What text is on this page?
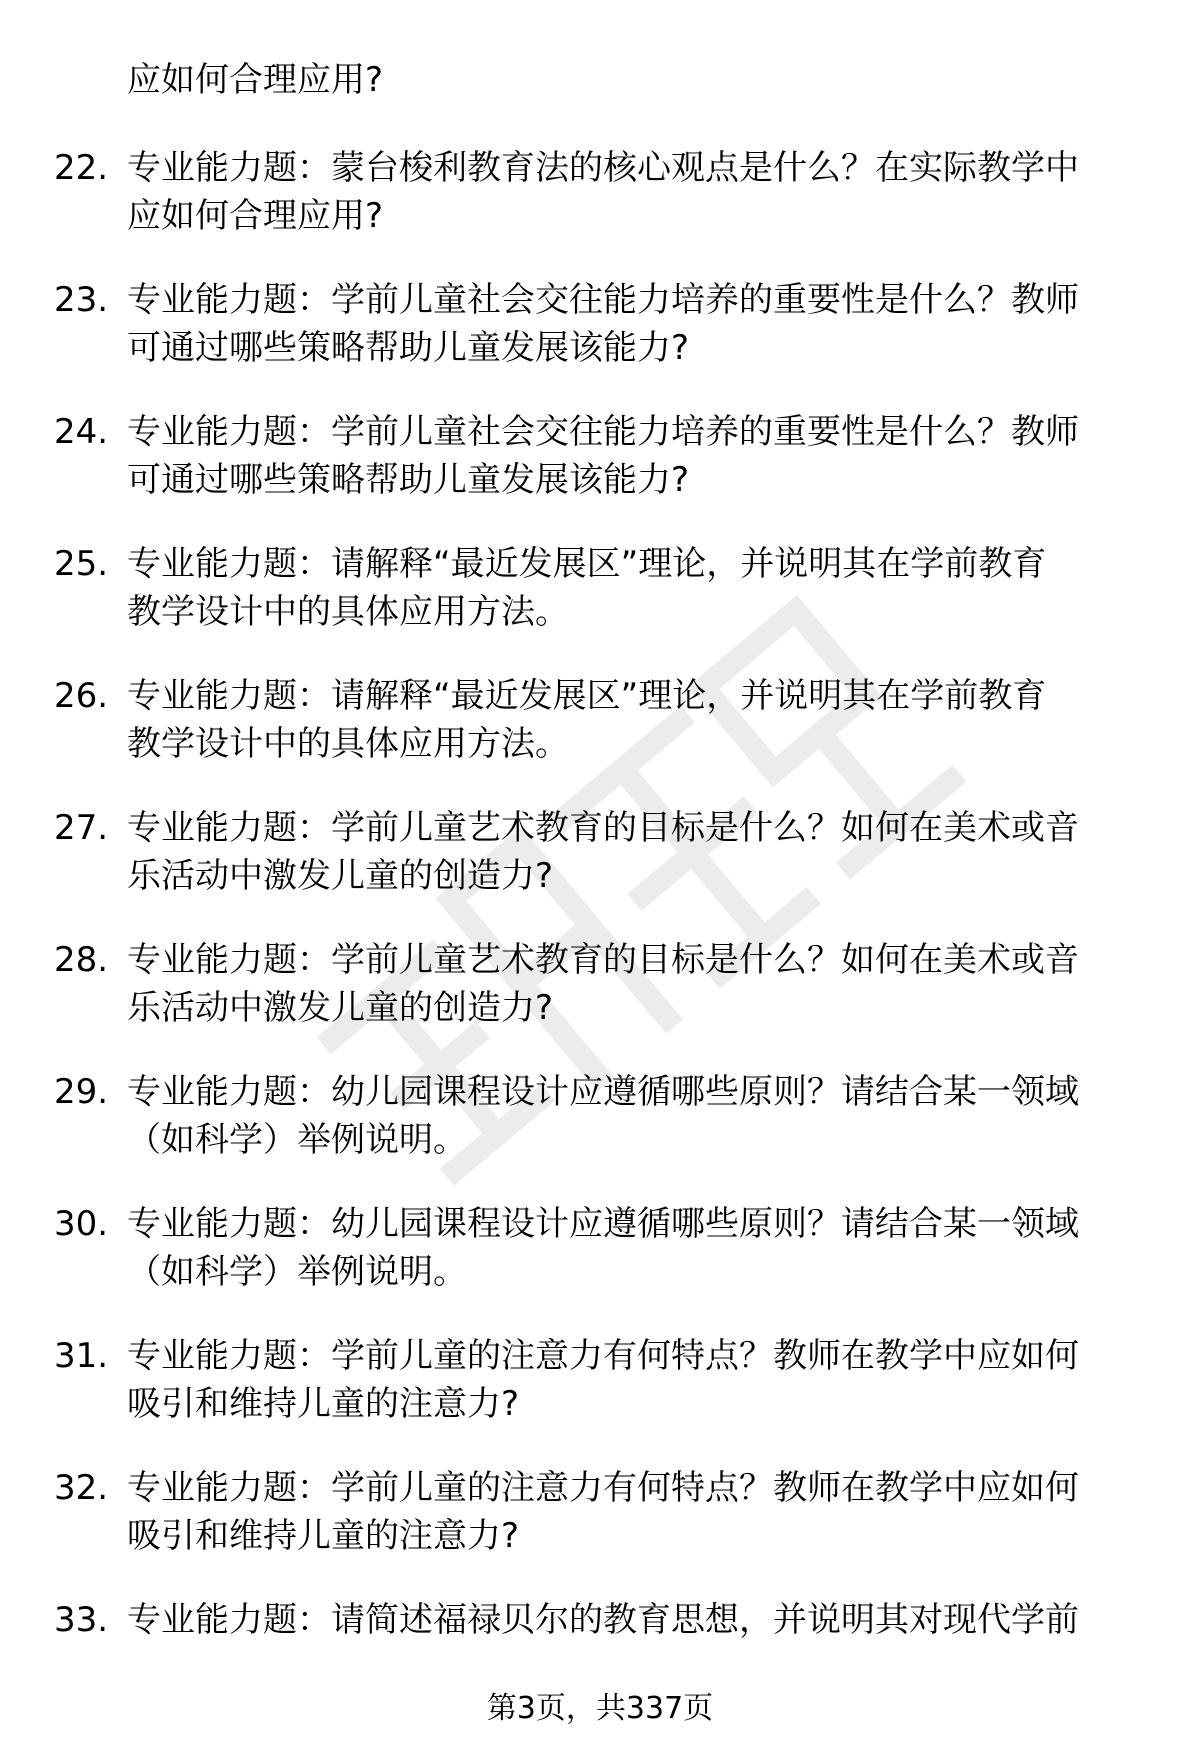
应如何合理应用?
22. 专业能力题：蒙台梭利教育法的核心观点是什么？在实际教学中
应如何合理应用?
23. 专业能力题：学前儿童社会交往能力培养的重要性是什么？教师
可通过哪些策略帮助儿童发展该能力?
24. 专业能力题：学前儿童社会交往能力培养的重要性是什么？教师
可通过哪些策略帮助儿童发展该能力?
25. 专业能力题：请解释“最近发展区”理论，并说明其在学前教育
教学设计中的具体应用方法。
26. 专业能力题：请解释“最近发展区”理论，并说明其在学前教育
教学设计中的具体应用方法。
27. 专业能力题：学前儿童艺术教育的目标是什么？如何在美术或音
乐活动中激发儿童的创造力?
28. 专业能力题：学前儿童艺术教育的目标是什么？如何在美术或音
乐活动中激发儿童的创造力?
29. 专业能力题：幼儿园课程设计应遵循哪些原则？请结合某一领域
（如科学）举例说明。
30. 专业能力题：幼儿园课程设计应遵循哪些原则？请结合某一领域
（如科学）举例说明。
31. 专业能力题：学前儿童的注意力有何特点？教师在教学中应如何
吸引和维持儿童的注意力?
32. 专业能力题：学前儿童的注意力有何特点？教师在教学中应如何
吸引和维持儿童的注意力?
33. 专业能力题：请简述福禄贝尔的教育思想，并说明其对现代学前
第3页，共337页
